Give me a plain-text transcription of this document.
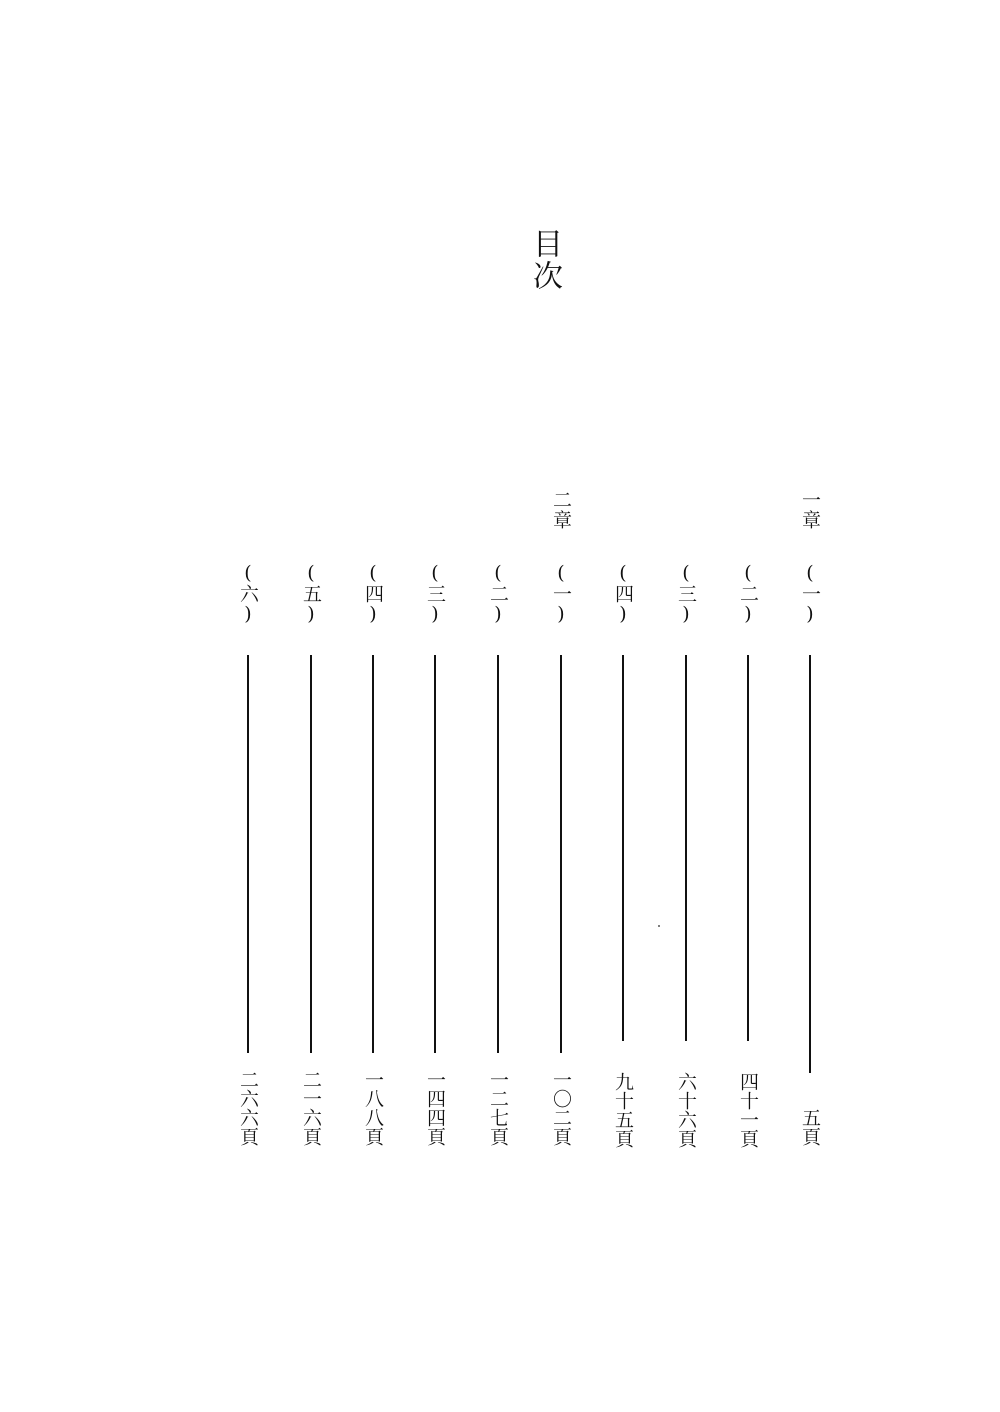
目次
一章
二章
(一)
五頁
(二)
四十一頁
(三)
六十六頁
(四)
九十五頁
(一)
一〇二頁
(二)
一二七頁
(三)
一四四頁
(四)
一八八頁
(五)
二一六頁
(六)
二六六頁
